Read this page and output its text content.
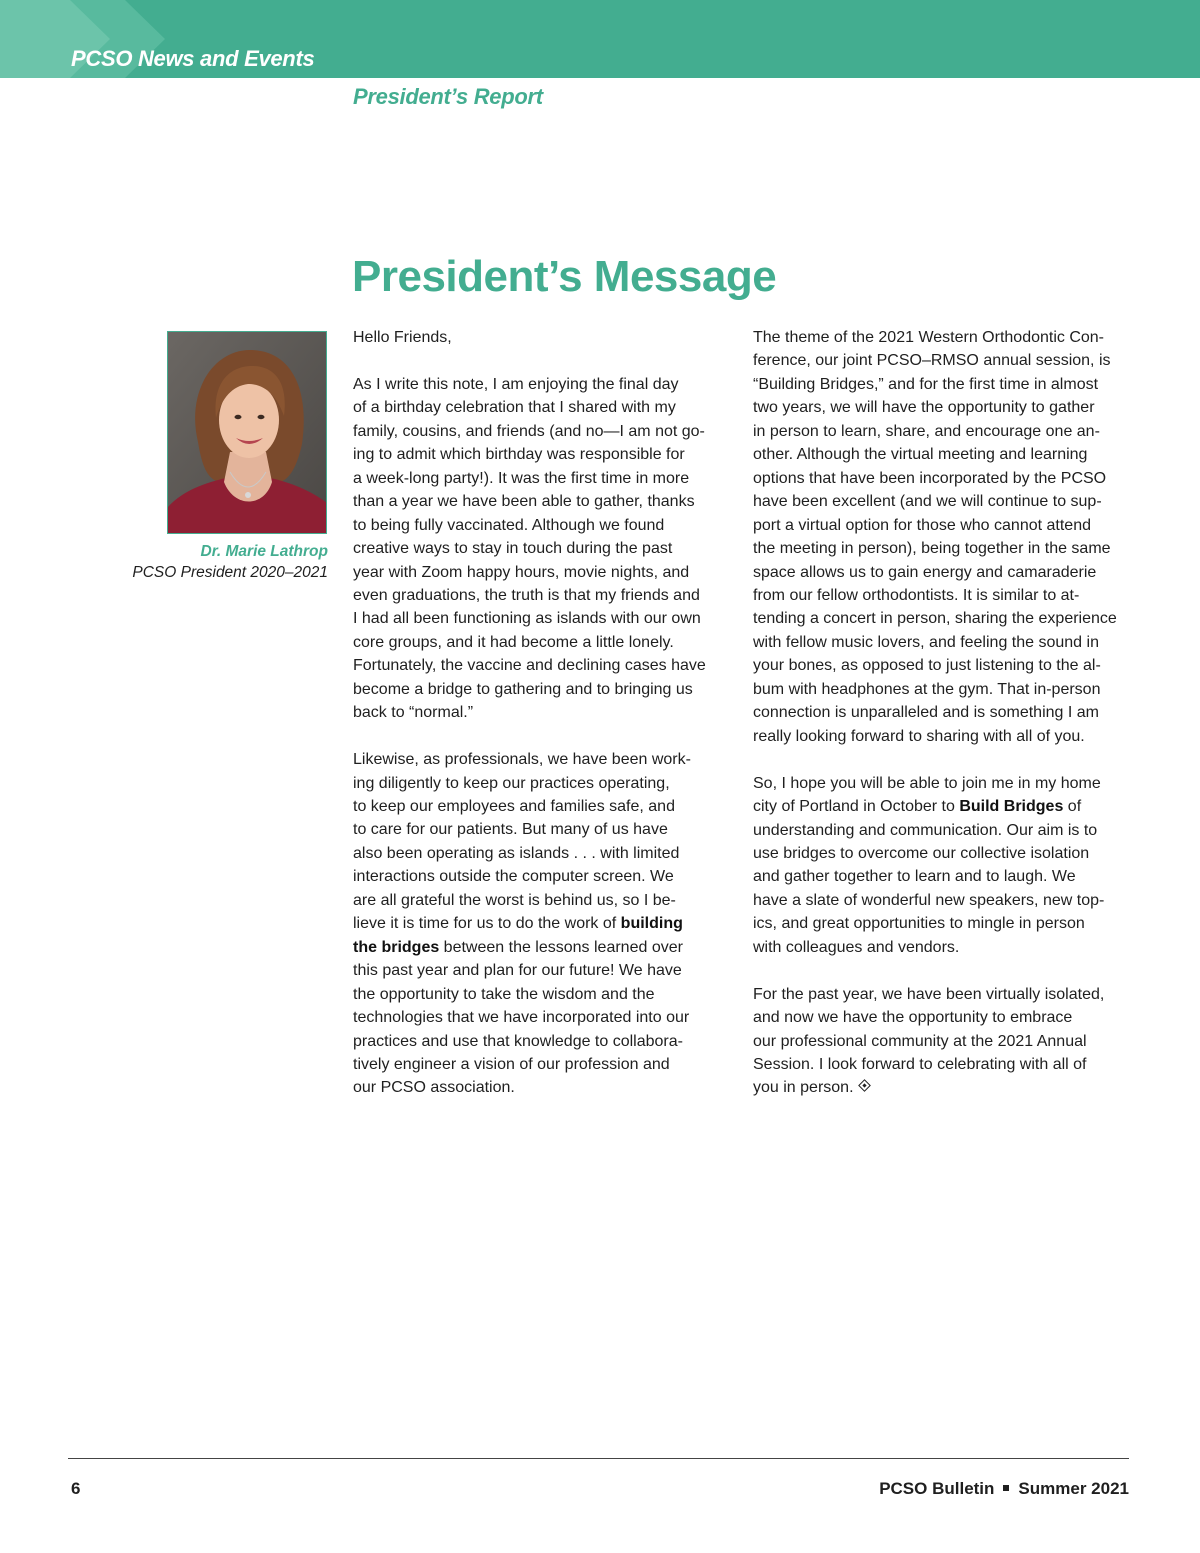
PCSO News and Events
President’s Report
President’s Message
Dr. Marie Lathrop
PCSO President 2020–2021

Hello Friends,

As I write this note, I am enjoying the final day
of a birthday celebration that I shared with my
family, cousins, and friends (and no—I am not go-
ing to admit which birthday was responsible for
a week-long party!). It was the first time in more
than a year we have been able to gather, thanks
to being fully vaccinated. Although we found
creative ways to stay in touch during the past
year with Zoom happy hours, movie nights, and
even graduations, the truth is that my friends and
I had all been functioning as islands with our own
core groups, and it had become a little lonely.
Fortunately, the vaccine and declining cases have
become a bridge to gathering and to bringing us
back to “normal.”

Likewise, as professionals, we have been work-
ing diligently to keep our practices operating,
to keep our employees and families safe, and
to care for our patients. But many of us have
also been operating as islands . . . with limited
interactions outside the computer screen. We
are all grateful the worst is behind us, so I be-
lieve it is time for us to do the work of building
the bridges between the lessons learned over
this past year and plan for our future! We have
the opportunity to take the wisdom and the
technologies that we have incorporated into our
practices and use that knowledge to collabora-
tively engineer a vision of our profession and
our PCSO association.

The theme of the 2021 Western Orthodontic Con-
ference, our joint PCSO–RMSO annual session, is
“Building Bridges,” and for the first time in almost
two years, we will have the opportunity to gather
in person to learn, share, and encourage one an-
other. Although the virtual meeting and learning
options that have been incorporated by the PCSO
have been excellent (and we will continue to sup-
port a virtual option for those who cannot attend
the meeting in person), being together in the same
space allows us to gain energy and camaraderie
from our fellow orthodontists. It is similar to at-
tending a concert in person, sharing the experience
with fellow music lovers, and feeling the sound in
your bones, as opposed to just listening to the al-
bum with headphones at the gym. That in-person
connection is unparalleled and is something I am
really looking forward to sharing with all of you.

So, I hope you will be able to join me in my home
city of Portland in October to Build Bridges of
understanding and communication. Our aim is to
use bridges to overcome our collective isolation
and gather together to learn and to laugh. We
have a slate of wonderful new speakers, new top-
ics, and great opportunities to mingle in person
with colleagues and vendors.

For the past year, we have been virtually isolated,
and now we have the opportunity to embrace
our professional community at the 2021 Annual
Session. I look forward to celebrating with all of
you in person.

6	PCSO Bulletin Summer 2021
